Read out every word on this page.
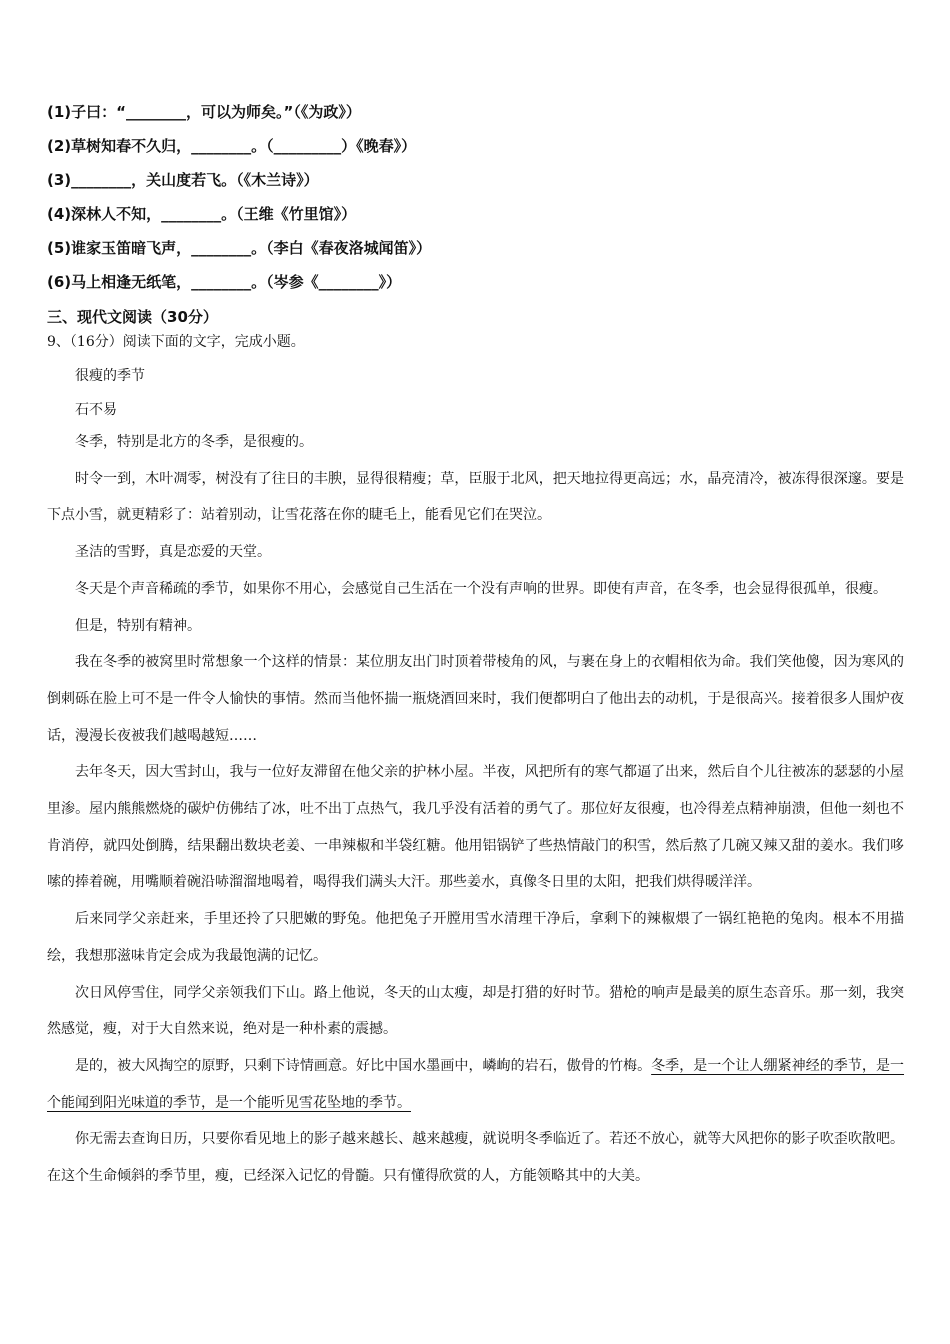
(1)子曰：“________，可以为师矣。”（《为政》）
(2)草树知春不久归，________。（_________）《晚春》）
(3)________，关山度若飞。（《木兰诗》）
(4)深林人不知，________。（王维《竹里馆》）
(5)谁家玉笛暗飞声，________。（李白《春夜洛城闻笛》）
(6)马上相逢无纸笔，________。（岑参《________》）
三、现代文阅读（30分）
9、（16分）阅读下面的文字，完成小题。
很瘦的季节
石不易
冬季，特别是北方的冬季，是很瘦的。
时令一到，木叶凋零，树没有了往日的丰腴，显得很精瘦；草，臣服于北风，把天地拉得更高远；水，晶亮清冷，被冻得很深邃。要是下点小雪，就更精彩了：站着别动，让雪花落在你的睫毛上，能看见它们在哭泣。
圣洁的雪野，真是恋爱的天堂。
冬天是个声音稀疏的季节，如果你不用心，会感觉自己生活在一个没有声响的世界。即使有声音，在冬季，也会显得很孤单，很瘦。
但是，特别有精神。
我在冬季的被窝里时常想象一个这样的情景：某位朋友出门时顶着带棱角的风，与裹在身上的衣帽相依为命。我们笑他傻，因为寒风的倒刺砾在脸上可不是一件令人愉快的事情。然而当他怀揣一瓶烧酒回来时，我们便都明白了他出去的动机，于是很高兴。接着很多人围炉夜话，漫漫长夜被我们越喝越短……
去年冬天，因大雪封山，我与一位好友滞留在他父亲的护林小屋。半夜，风把所有的寒气都逼了出来，然后自个儿往被冻的瑟瑟的小屋里渗。屋内熊熊燃烧的碳炉仿佛结了冰，吐不出丁点热气，我几乎没有活着的勇气了。那位好友很瘦，也冷得差点精神崩溃，但他一刻也不肯消停，就四处倒腾，结果翻出数块老姜、一串辣椒和半袋红糖。他用铝锅铲了些热情敲门的积雪，然后熬了几碗又辣又甜的姜水。我们哆嗦的捧着碗，用嘴顺着碗沿哧溜溜地喝着，喝得我们满头大汗。那些姜水，真像冬日里的太阳，把我们烘得暖洋洋。
后来同学父亲赶来，手里还拎了只肥嫩的野兔。他把兔子开膛用雪水清理干净后，拿剩下的辣椒煨了一锅红艳艳的兔肉。根本不用描绘，我想那滋味肯定会成为我最饱满的记忆。
次日风停雪住，同学父亲领我们下山。路上他说，冬天的山太瘦，却是打猎的好时节。猎枪的响声是最美的原生态音乐。那一刻，我突然感觉，瘦，对于大自然来说，绝对是一种朴素的震撼。
是的，被大风掏空的原野，只剩下诗情画意。好比中国水墨画中，嶙峋的岩石，傲骨的竹梅。冬季，是一个让人绷紧神经的季节，是一个能闻到阳光味道的季节，是一个能听见雪花坠地的季节。
你无需去查询日历，只要你看见地上的影子越来越长、越来越瘦，就说明冬季临近了。若还不放心，就等大风把你的影子吹歪吹散吧。在这个生命倾斜的季节里，瘦，已经深入记忆的骨髓。只有懂得欣赏的人，方能领略其中的大美。
